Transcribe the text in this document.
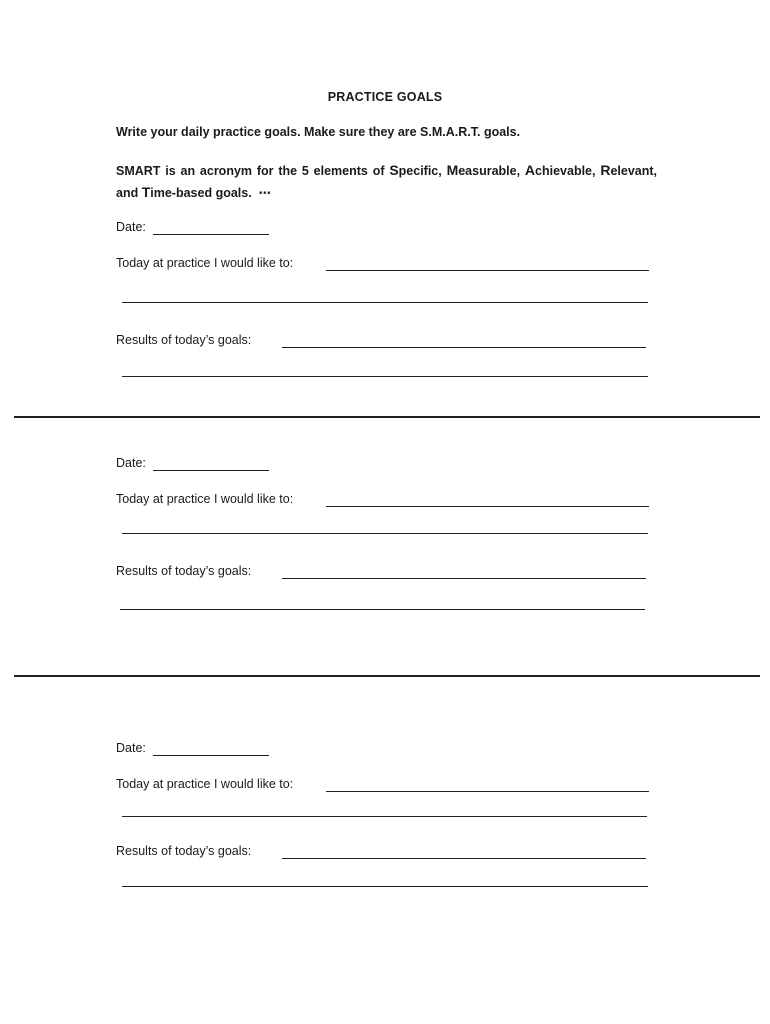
PRACTICE GOALS
Write your daily practice goals. Make sure they are S.M.A.R.T. goals.
SMART is an acronym for the 5 elements of Specific, Measurable, Achievable, Relevant, and Time-based goals. ⋯
Date:
Today at practice I would like to:
Results of today’s goals:
Date:
Today at practice I would like to:
Results of today’s goals:
Date:
Today at practice I would like to:
Results of today’s goals:
